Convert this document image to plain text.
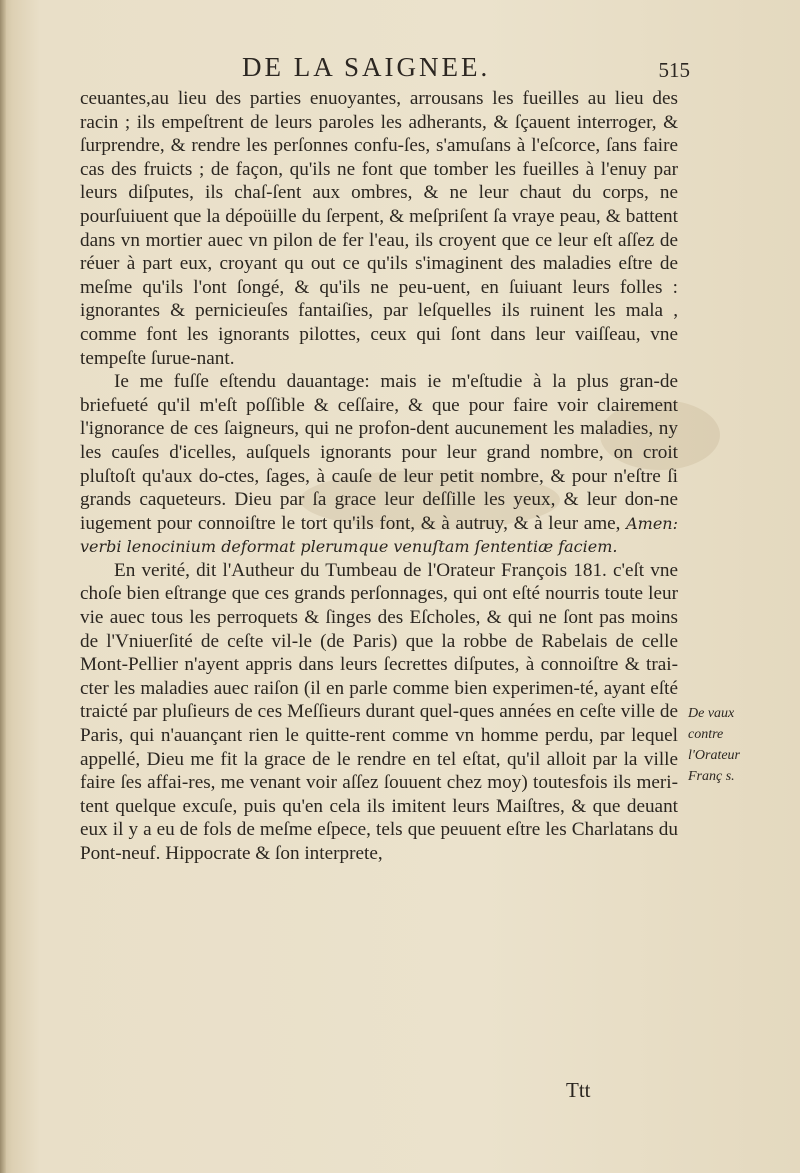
DE LA SAIGNEE.	515

ceuantes,au lieu des parties enuoyantes, arrousans les fueilles au lieu des racin ; ils empeſtrent de leurs paroles les adherants, & ſçauent interroger, & ſurprendre, & rendre les perſonnes confu-ſes, s'amuſans à l'eſcorce, ſans faire cas des fruicts ; de façon, qu'ils ne font que tomber les fueilles à l'enuy par leurs diſputes, ils chaſ-ſent aux ombres, & ne leur chaut du corps, ne pourſuiuent que la dépoüille du ſerpent, & meſpriſent ſa vraye peau, & battent dans vn mortier auec vn pilon de fer l'eau, ils croyent que ce leur eſt aſſez de réuer à part eux, croyant qu out ce qu'ils s'imaginent des maladies eſtre de meſme qu'ils l'ont ſongé, & qu'ils ne peu-uent, en ſuiuant leurs folles : ignorantes & pernicieuſes fantaiſies, par leſquelles ils ruinent les mala , comme font les ignorants pilottes, ceux qui ſont dans leur vaiſſeau, vne tempeſte ſurue-nant.

Ie me fuſſe eſtendu dauantage: mais ie m'eſtudie à la plus gran-de briefueté qu'il m'eſt poſſible & ceſſaire, & que pour faire voir clairement l'ignorance de ces ſaigneurs, qui ne profon-dent aucunement les maladies, ny les cauſes d'icelles, auſquels ignorants pour leur grand nombre, on croit pluſtoſt qu'aux do-ctes, ſages, à cauſe de leur petit nombre, & pour n'eſtre ſi grands caqueteurs. Dieu par ſa grace leur deſſille les yeux, & leur don-ne iugement pour connoiſtre le tort qu'ils font, & à autruy, & à leur ame, Amen: verbi lenocinium deformat plerumque venuſtam ſententiæ faciem.

En verité, dit l'Autheur du Tumbeau de l'Orateur François 181. c'eſt vne choſe bien eſtrange que ces grands perſonnages, qui ont eſté nourris toute leur vie auec tous les perroquets & ſinges des Eſcholes, & qui ne ſont pas moins de l'Vniuerſité de ceſte vil-le (de Paris) que la robbe de Rabelais de celle Mont-Pellier n'ayent appris dans leurs ſecrettes diſputes, à connoiſtre & trai-cter les maladies auec raiſon (il en parle comme bien experimen-té, ayant eſté traicté par pluſieurs de ces Meſſieurs durant quel-ques années en ceſte ville de Paris, qui n'auançant rien le quitte-rent comme vn homme perdu, par lequel appellé, Dieu me fit la grace de le rendre en tel eſtat, qu'il alloit par la ville faire ſes affai-res, me venant voir aſſez ſouuent chez moy) toutesfois ils meri-tent quelque excuſe, puis qu'en cela ils imitent leurs Maiſtres, & que deuant eux il y a eu de fols de meſme eſpece, tels que peuuent eſtre les Charlatans du Pont-neuf. Hippocrate & ſon interprete,

De vaux
contre
l'Orateur
Franç s.
Ttt
